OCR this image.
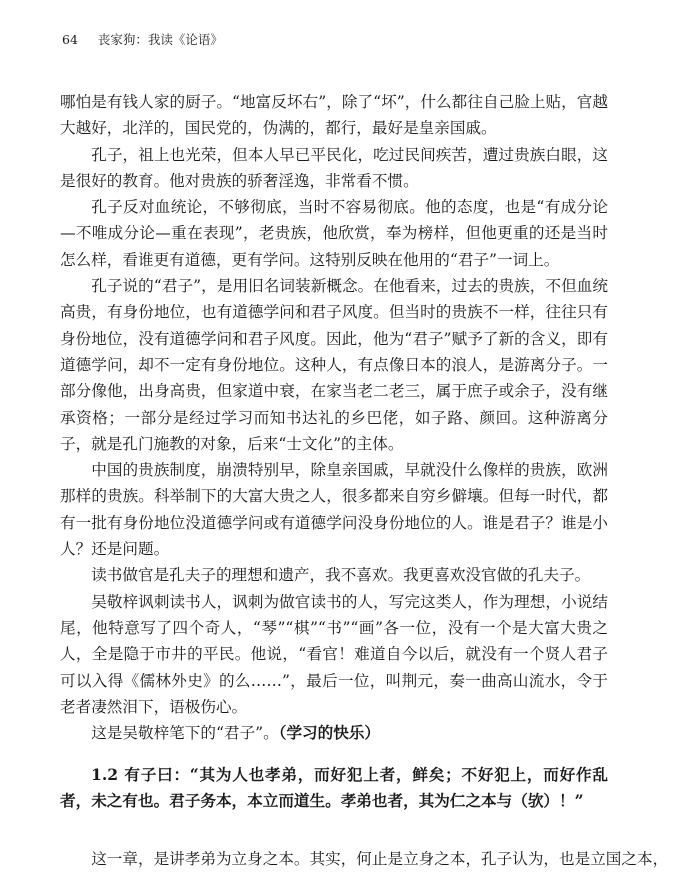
64 丧家狗：我读《论语》

哪怕是有钱人家的厨子。“地富反坏右”，除了“坏”，什么都往自己脸上贴，官越大越好，北洋的，国民党的，伪满的，都行，最好是皇亲国戚。

孔子，祖上也光荣，但本人早已平民化，吃过民间疾苦，遭过贵族白眼，这是很好的教育。他对贵族的骄奢淫逸，非常看不惯。

孔子反对血统论，不够彻底，当时不容易彻底。他的态度，也是“有成分论—不唯成分论—重在表现”，老贵族，他欣赏，奉为榜样，但他更重的还是当时怎么样，看谁更有道德，更有学问。这特别反映在他用的“君子”一词上。

孔子说的“君子”，是用旧名词装新概念。在他看来，过去的贵族，不但血统高贵，有身份地位，也有道德学问和君子风度。但当时的贵族不一样，往往只有身份地位，没有道德学问和君子风度。因此，他为“君子”赋予了新的含义，即有道德学问，却不一定有身份地位。这种人，有点像日本的浪人，是游离分子。一部分像他，出身高贵，但家道中衰，在家当老二老三，属于庶子或余子，没有继承资格；一部分是经过学习而知书达礼的乡巴佬，如子路、颜回。这种游离分子，就是孔门施教的对象，后来“士文化”的主体。

中国的贵族制度，崩溃特别早，除皇亲国戚，早就没什么像样的贵族，欧洲那样的贵族。科举制下的大富大贵之人，很多都来自穷乡僻壤。但每一时代，都有一批有身份地位没道德学问或有道德学问没身份地位的人。谁是君子？谁是小人？还是问题。

读书做官是孔夫子的理想和遗产，我不喜欢。我更喜欢没官做的孔夫子。

吴敬梓讽刺读书人，讽刺为做官读书的人，写完这类人，作为理想，小说结尾，他特意写了四个奇人，“琴”“棋”“书”“画”各一位，没有一个是大富大贵之人，全是隐于市井的平民。他说，“看官！难道自今以后，就没有一个贤人君子可以入得《儒林外史》的么……”，最后一位，叫荆元，奏一曲高山流水，令于老者凄然泪下，语极伤心。

这是吴敬梓笔下的“君子”。（学习的快乐）

1.2 有子曰：“其为人也孝弟，而好犯上者，鲜矣；不好犯上，而好作乱者，未之有也。君子务本，本立而道生。孝弟也者，其为仁之本与（欤）！”

这一章，是讲孝弟为立身之本。其实，何止是立身之本，孔子认为，也是立国之本，
